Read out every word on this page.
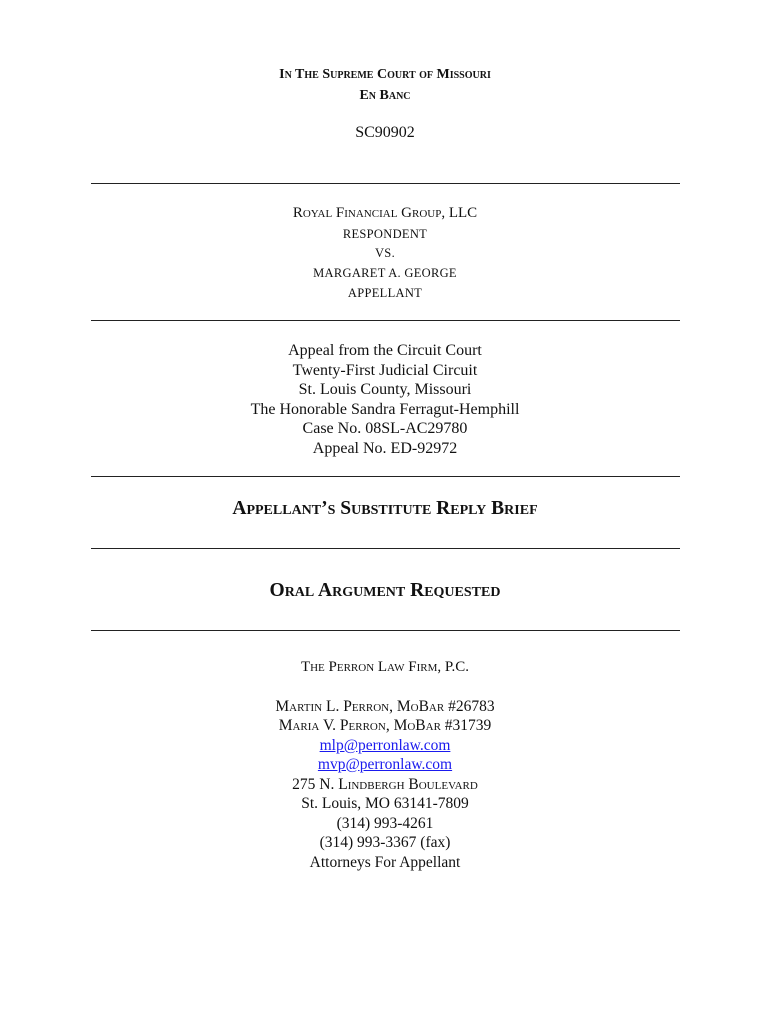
In The Supreme Court of Missouri
En Banc
SC90902
Royal Financial Group, LLC
RESPONDENT
VS.
MARGARET A. GEORGE
APPELLANT
Appeal from the Circuit Court
Twenty-First Judicial Circuit
St. Louis County, Missouri
The Honorable Sandra Ferragut-Hemphill
Case No. 08SL-AC29780
Appeal No. ED-92972
Appellant’s Substitute Reply Brief
Oral Argument Requested
The Perron Law Firm, P.C.
Martin L. Perron, MoBar #26783
Maria V. Perron, MoBar #31739
mlp@perronlaw.com
mvp@perronlaw.com
275 N. Lindbergh Boulevard
St. Louis, MO 63141-7809
(314) 993-4261
(314) 993-3367 (fax)
Attorneys For Appellant
